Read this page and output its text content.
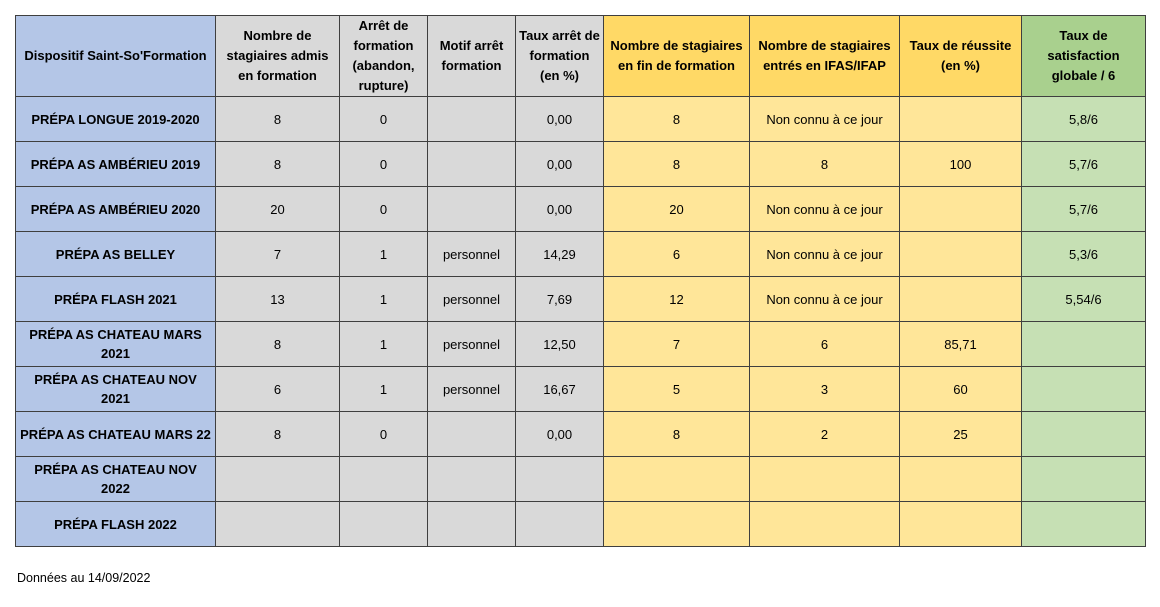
Dispositif Saint-So'Formation	Nombre de stagiaires admis en formation	Arrêt de formation (abandon, rupture)	Motif arrêt formation	Taux arrêt de formation (en %)	Nombre de stagiaires en fin de formation	Nombre de stagiaires entrés en IFAS/IFAP	Taux de réussite (en %)	Taux de satisfaction globale / 6
PRÉPA LONGUE 2019-2020	8	0		0,00	8	Non connu à ce jour		5,8/6
PRÉPA AS AMBÉRIEU 2019	8	0		0,00	8	8	100	5,7/6
PRÉPA AS AMBÉRIEU 2020	20	0		0,00	20	Non connu à ce jour		5,7/6
PRÉPA AS BELLEY	7	1	personnel	14,29	6	Non connu à ce jour		5,3/6
PRÉPA FLASH 2021	13	1	personnel	7,69	12	Non connu à ce jour		5,54/6
PRÉPA AS CHATEAU MARS 2021	8	1	personnel	12,50	7	6	85,71	
PRÉPA AS CHATEAU NOV 2021	6	1	personnel	16,67	5	3	60	
PRÉPA AS CHATEAU MARS 22	8	0		0,00	8	2	25	
PRÉPA AS CHATEAU NOV 2022								
PRÉPA FLASH 2022								
Données au 14/09/2022
